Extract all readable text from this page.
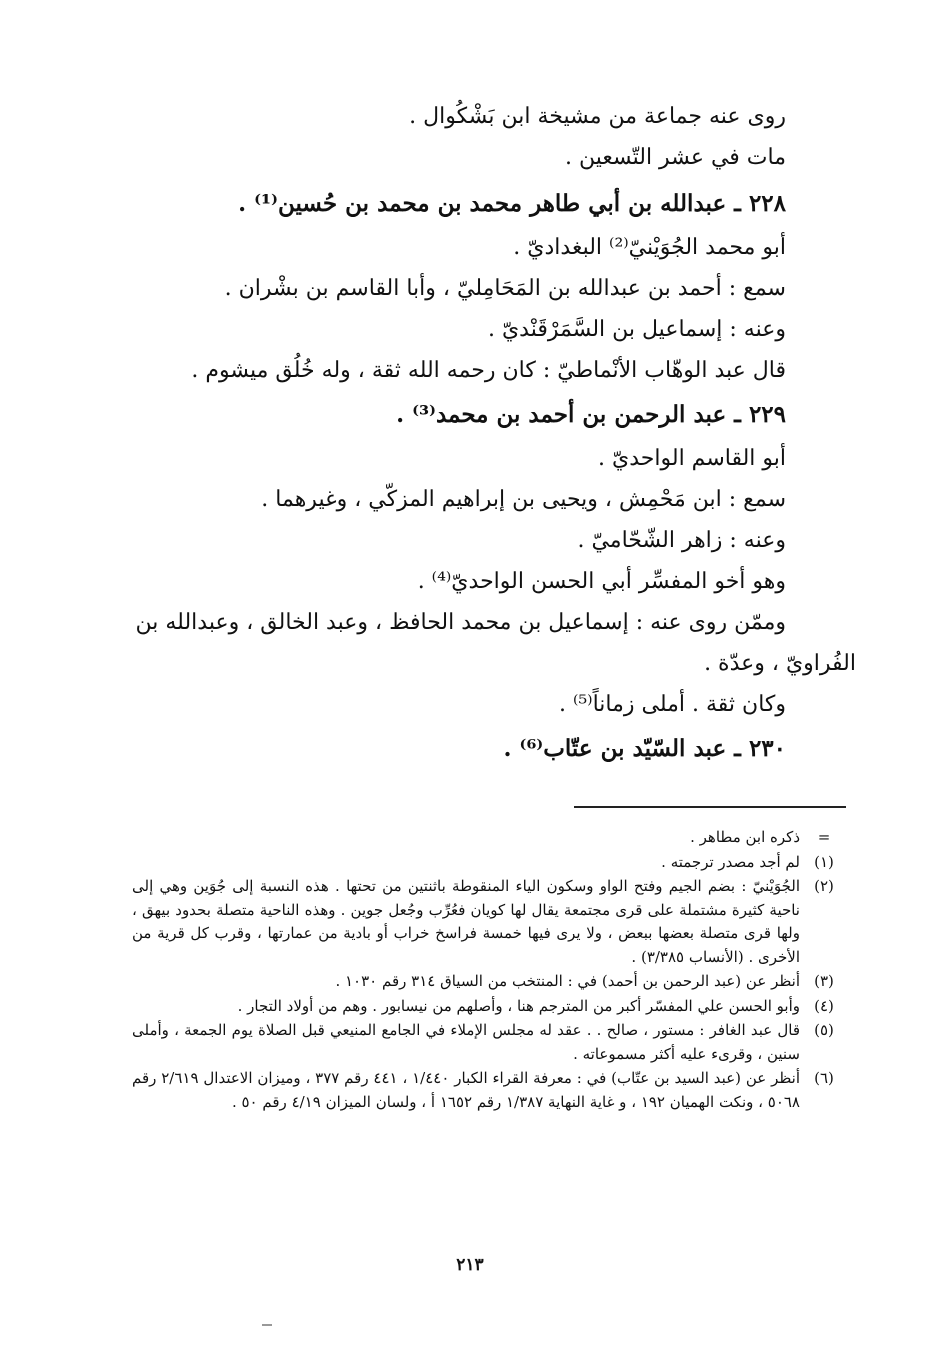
روى عنه جماعة من مشيخة ابن بَشْكُوال .
مات في عشر التّسعين .
٢٢٨ ـ عبدالله بن أبي طاهر محمد بن محمد بن حُسين⁽¹⁾ .
أبو محمد الجُوَيْنيّ⁽²⁾ البغداديّ .
سمع : أحمد بن عبدالله بن المَحَامِليّ ، وأبا القاسم بن بشْران .
وعنه : إسماعيل بن السَّمَرْقَنْديّ .
قال عبد الوهّاب الأنْماطيّ : كان رحمه الله ثقة ، وله خُلُق ميشوم .
٢٢٩ ـ عبد الرحمن بن أحمد بن محمد⁽³⁾ .
أبو القاسم الواحديّ .
سمع : ابن مَحْمِش ، ويحيى بن إبراهيم المزكّي ، وغيرهما .
وعنه : زاهر الشّحّاميّ .
وهو أخو المفسِّر أبي الحسن الواحديّ⁽⁴⁾ .
وممّن روى عنه : إسماعيل بن محمد الحافظ ، وعبد الخالق ، وعبدالله بن
الفُراويّ ، وعدّة .
وكان ثقة . أملى زماناً⁽⁵⁾ .
٢٣٠ ـ عبد السّيّد بن عتّاب⁽⁶⁾ .
=
ذكره ابن مطاهر .
(١)
لم أجد مصدر ترجمته .
(٢)
الجُوَيْنيّ : بضم الجيم وفتح الواو وسكون الياء المنقوطة باثنتين من تحتها . هذه النسبة إلى جُوَين وهي إلى ناحية كثيرة مشتملة على قرى مجتمعة يقال لها كويان فعُرِّب وجُعل جوين . وهذه الناحية متصلة بحدود بيهق ، ولها قرى متصلة بعضها ببعض ، ولا يرى فيها خمسة فراسخ خراب أو بادية من عمارتها ، وقرب كل قرية من الأخرى . (الأنساب ٣/٣٨٥) .
(٣)
أنظر عن (عبد الرحمن بن أحمد) في : المنتخب من السياق ٣١٤ رقم ١٠٣٠ .
(٤)
وأبو الحسن علي المفسّر أكبر من المترجم هنا ، وأصلهم من نيسابور . وهم من أولاد التجار .
(٥)
قال عبد الغافر : مستور ، صالح . . عقد له مجلس الإملاء في الجامع المنيعي قبل الصلاة يوم الجمعة ، وأملى سنين ، وقرىء عليه أكثر مسموعاته .
(٦)
أنظر عن (عبد السيد بن عتّاب) في : معرفة القراء الكبار ١/٤٤٠ ، ٤٤١ رقم ٣٧٧ ، وميزان الاعتدال ٢/٦١٩ رقم ٥٠٦٨ ، ونكت الهميان ١٩٢ ، و غاية النهاية ١/٣٨٧ رقم ١٦٥٢ أ ، ولسان الميزان ٤/١٩ رقم ٥٠ .
٢١٣
